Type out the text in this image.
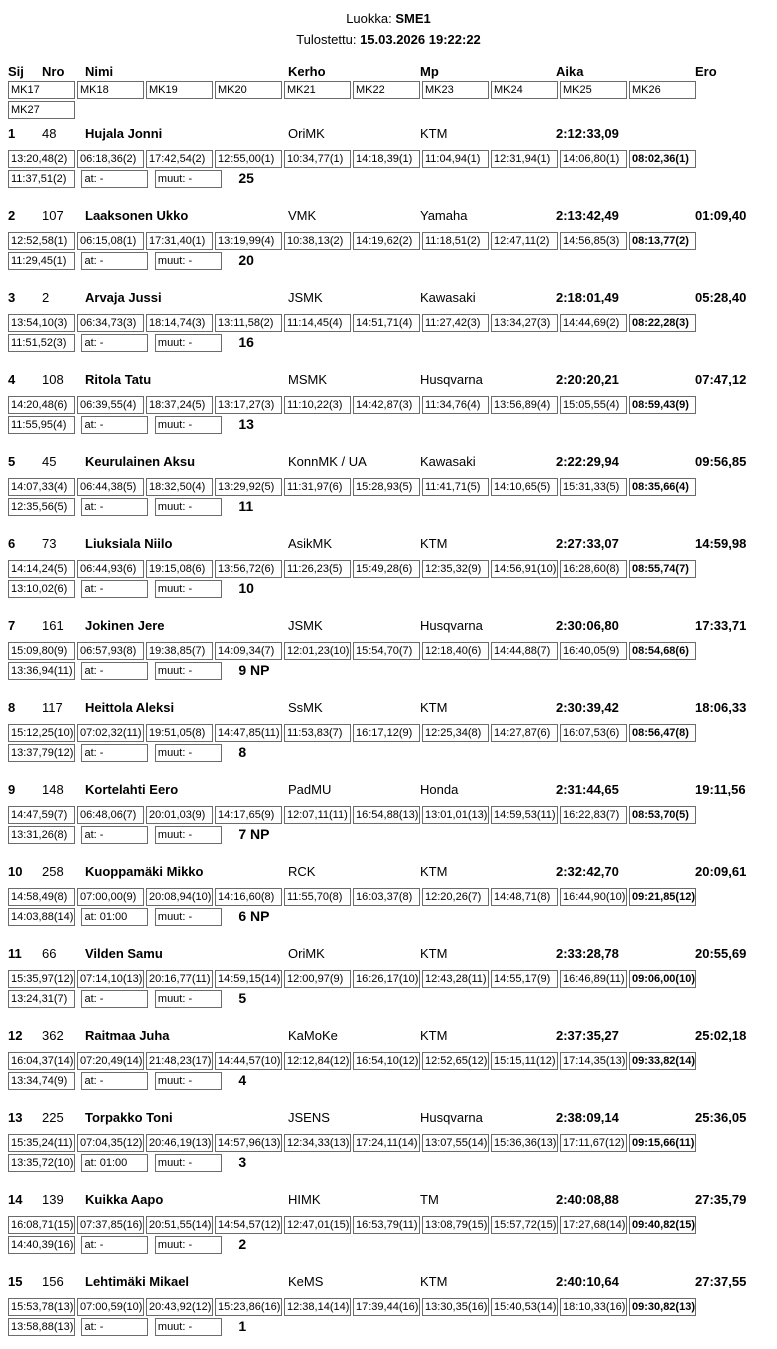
Luokka: SME1
Tulostettu: 15.03.2026 19:22:22
Sij Nro Nimi	Kerho	Mp	Aika	Ero
MK17	MK18	MK19	MK20	MK21	MK22	MK23	MK24	MK25	MK26
MK27
1 48 Hujala Jonni	OriMK	KTM	2:12:33,09
13:20,48(2) 06:18,36(2) 17:42,54(2) 12:55,00(1) 10:34,77(1) 14:18,39(1) 11:04,94(1) 12:31,94(1) 14:06,80(1) 08:02,36(1)
11:37,51(2) at: -	muut: -	25
2 107 Laaksonen Ukko	VMK	Yamaha	2:13:42,49	01:09,40
12:52,58(1) 06:15,08(1) 17:31,40(1) 13:19,99(4) 10:38,13(2) 14:19,62(2) 11:18,51(2) 12:47,11(2) 14:56,85(3) 08:13,77(2)
11:29,45(1) at: -	muut: -	20
3 2	Arvaja Jussi	JSMK	Kawasaki	2:18:01,49	05:28,40
13:54,10(3) 06:34,73(3) 18:14,74(3) 13:11,58(2) 11:14,45(4) 14:51,71(4) 11:27,42(3) 13:34,27(3) 14:44,69(2) 08:22,28(3)
11:51,52(3) at: -	muut: -	16
4 108 Ritola Tatu	MSMK	Husqvarna	2:20:20,21	07:47,12
14:20,48(6) 06:39,55(4) 18:37,24(5) 13:17,27(3) 11:10,22(3) 14:42,87(3) 11:34,76(4) 13:56,89(4) 15:05,55(4) 08:59,43(9)
11:55,95(4) at: -	muut: -	13
5 45 Keurulainen Aksu	KonnMK / UA	Kawasaki	2:22:29,94	09:56,85
14:07,33(4) 06:44,38(5) 18:32,50(4) 13:29,92(5) 11:31,97(6) 15:28,93(5) 11:41,71(5) 14:10,65(5) 15:31,33(5) 08:35,66(4)
12:35,56(5) at: -	muut: -	11
6 73 Liuksiala Niilo	AsikMK	KTM	2:27:33,07	14:59,98
14:14,24(5) 06:44,93(6) 19:15,08(6) 13:56,72(6) 11:26,23(5) 15:49,28(6) 12:35,32(9) 14:56,91(10) 16:28,60(8) 08:55,74(7)
13:10,02(6) at: -	muut: -	10
7 161 Jokinen Jere	JSMK	Husqvarna	2:30:06,80	17:33,71
15:09,80(9) 06:57,93(8) 19:38,85(7) 14:09,34(7) 12:01,23(10) 15:54,70(7) 12:18,40(6) 14:44,88(7) 16:40,05(9) 08:54,68(6)
13:36,94(11) at: -	muut: -	9 NP
8 117 Heittola Aleksi	SsMK	KTM	2:30:39,42	18:06,33
15:12,25(10) 07:02,32(11) 19:51,05(8) 14:47,85(11) 11:53,83(7) 16:17,12(9) 12:25,34(8) 14:27,87(6) 16:07,53(6) 08:56,47(8)
13:37,79(12) at: -	muut: -	8
9 148 Kortelahti Eero	PadMU	Honda	2:31:44,65	19:11,56
14:47,59(7) 06:48,06(7) 20:01,03(9) 14:17,65(9) 12:07,11(11) 16:54,88(13) 13:01,01(13) 14:59,53(11) 16:22,83(7) 08:53,70(5)
13:31,26(8) at: -	muut: -	7 NP
10 258 Kuoppamäki Mikko	RCK	KTM	2:32:42,70	20:09,61
14:58,49(8) 07:00,00(9) 20:08,94(10) 14:16,60(8) 11:55,70(8) 16:03,37(8) 12:20,26(7) 14:48,71(8) 16:44,90(10) 09:21,85(12)
14:03,88(14) at: 01:00	muut: -	6 NP
11 66 Vilden Samu	OriMK	KTM	2:33:28,78	20:55,69
15:35,97(12) 07:14,10(13) 20:16,77(11) 14:59,15(14) 12:00,97(9) 16:26,17(10) 12:43,28(11) 14:55,17(9) 16:46,89(11) 09:06,00(10)
13:24,31(7) at: -	muut: -	5
12 362 Raitmaa Juha	KaMoKe	KTM	2:37:35,27	25:02,18
16:04,37(14) 07:20,49(14) 21:48,23(17) 14:44,57(10) 12:12,84(12) 16:54,10(12) 12:52,65(12) 15:15,11(12) 17:14,35(13) 09:33,82(14)
13:34,74(9) at: -	muut: -	4
13 225 Torpakko Toni	JSENS	Husqvarna	2:38:09,14	25:36,05
15:35,24(11) 07:04,35(12) 20:46,19(13) 14:57,96(13) 12:34,33(13) 17:24,11(14) 13:07,55(14) 15:36,36(13) 17:11,67(12) 09:15,66(11)
13:35,72(10) at: 01:00	muut: -	3
14 139 Kuikka Aapo	HIMK	TM	2:40:08,88	27:35,79
16:08,71(15) 07:37,85(16) 20:51,55(14) 14:54,57(12) 12:47,01(15) 16:53,79(11) 13:08,79(15) 15:57,72(15) 17:27,68(14) 09:40,82(15)
14:40,39(16) at: -	muut: -	2
15 156 Lehtimäki Mikael	KeMS	KTM	2:40:10,64	27:37,55
15:53,78(13) 07:00,59(10) 20:43,92(12) 15:23,86(16) 12:38,14(14) 17:39,44(16) 13:30,35(16) 15:40,53(14) 18:10,33(16) 09:30,82(13)
13:58,88(13) at: -	muut: -	1
